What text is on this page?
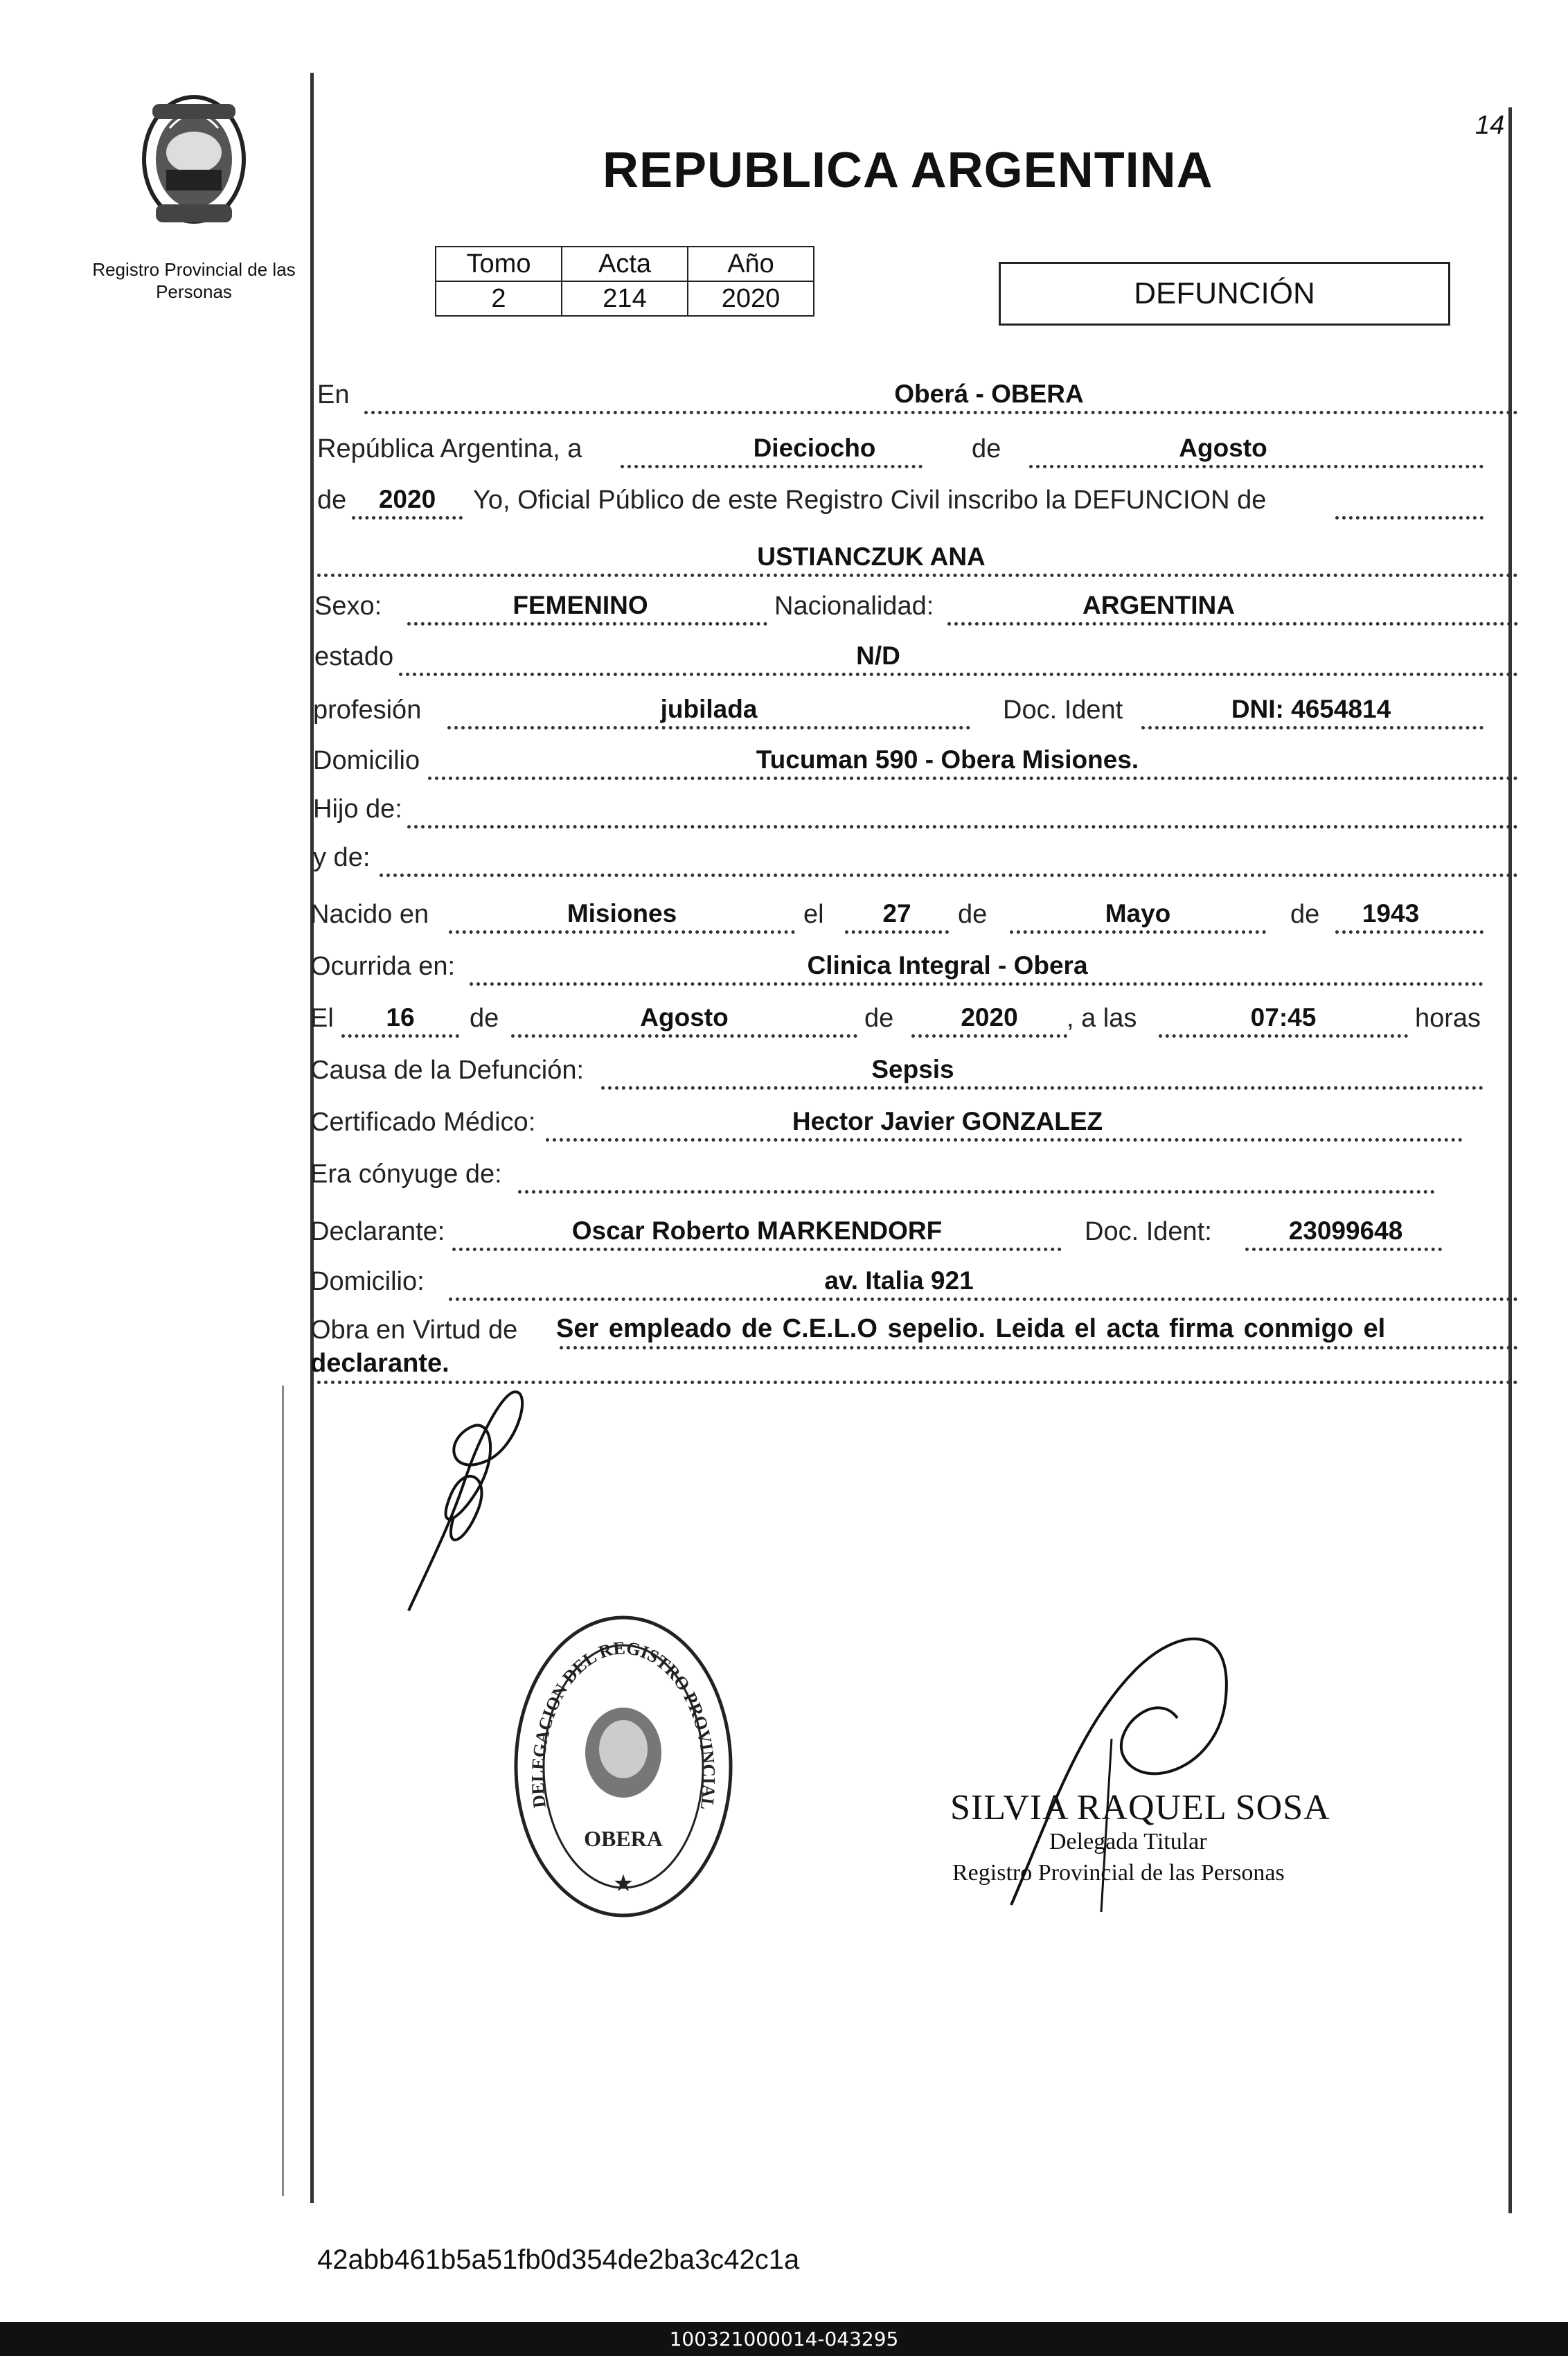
14
Registro Provincial de las Personas
REPUBLICA ARGENTINA
Tomo	Acta	Año
2	214	2020	DEFUNCIÓN
En	Oberá - OBERA
República Argentina, a	Dieciocho	de	Agosto
de	2020	Yo, Oficial Público de este Registro Civil inscribo la DEFUNCION de
USTIANCZUK ANA
Sexo:	FEMENINO	Nacionalidad:	ARGENTINA
estado	N/D
profesión	jubilada	Doc. Ident	DNI: 4654814
Domicilio	Tucuman 590 - Obera Misiones.
Hijo de:
y de:
Nacido en	Misiones	el	27	de	Mayo	de	1943
Ocurrida en:	Clinica Integral - Obera
El	16	de	Agosto	de	2020	, a las	07:45	horas
Causa de la Defunción:	Sepsis
Certificado Médico:	Hector Javier GONZALEZ
Era cónyuge de:
Declarante:	Oscar Roberto MARKENDORF	Doc. Ident:	23099648
Domicilio:	av. Italia 921
Obra en Virtud de Ser empleado de C.E.L.O sepelio. Leida el acta firma conmigo el
declarante.
DELEGACION DEL REGISTRO PROVINCIAL
OBERA
★
SILVIA RAQUEL SOSA
Delegada Titular
Registro Provincial de las Personas
42abb461b5a51fb0d354de2ba3c42c1a
100321000014-043295
